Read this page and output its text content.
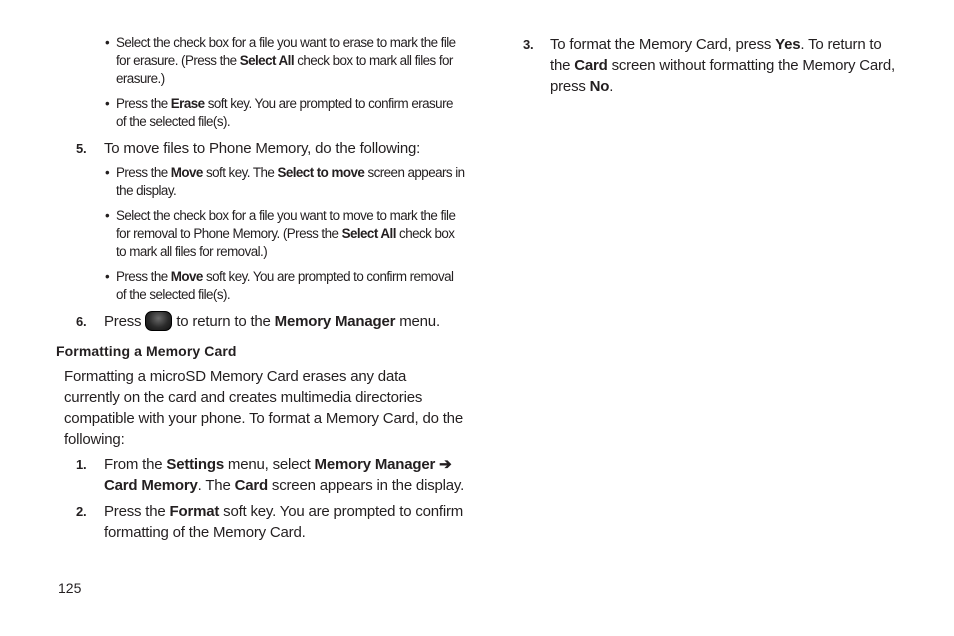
• Select the check box for a file you want to erase to mark the file for erasure. (Press the Select All check box to mark all files for erasure.)
• Press the Erase soft key. You are prompted to confirm erasure of the selected file(s).
5. To move files to Phone Memory, do the following:
• Press the Move soft key. The Select to move screen appears in the display.
• Select the check box for a file you want to move to mark the file for removal to Phone Memory. (Press the Select All check box to mark all files for removal.)
• Press the Move soft key. You are prompted to confirm removal of the selected file(s).
6. Press to return to the Memory Manager menu.
Formatting a Memory Card
Formatting a microSD Memory Card erases any data currently on the card and creates multimedia directories compatible with your phone. To format a Memory Card, do the following:
1. From the Settings menu, select Memory Manager ➔ Card Memory. The Card screen appears in the display.
2. Press the Format soft key. You are prompted to confirm formatting of the Memory Card.
3. To format the Memory Card, press Yes. To return to the Card screen without formatting the Memory Card, press No.
125
